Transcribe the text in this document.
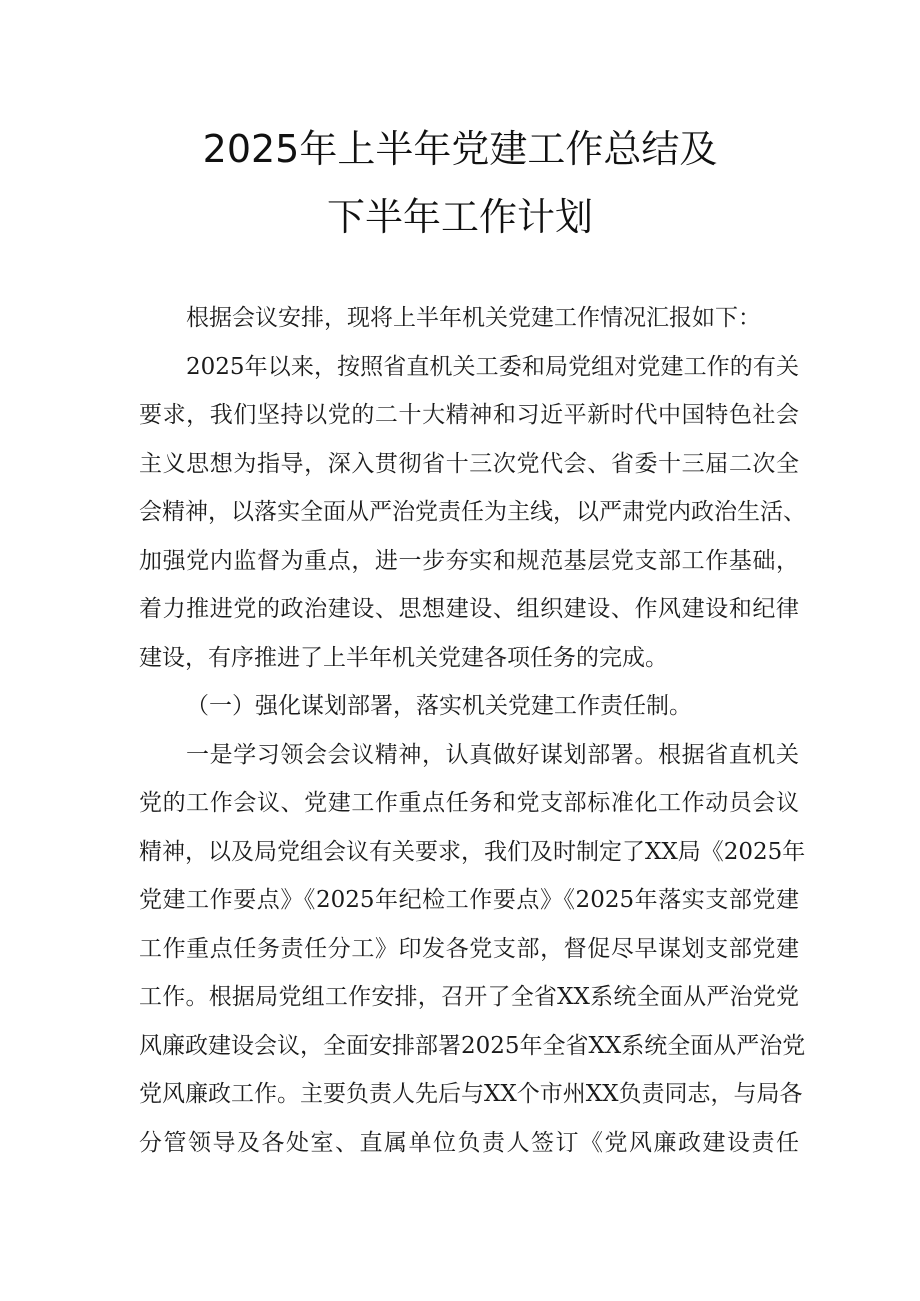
2025年上半年党建工作总结及
下半年工作计划
根据会议安排，现将上半年机关党建工作情况汇报如下：
2025年以来，按照省直机关工委和局党组对党建工作的有关
要求，我们坚持以党的二十大精神和习近平新时代中国特色社会
主义思想为指导，深入贯彻省十三次党代会、省委十三届二次全
会精神，以落实全面从严治党责任为主线，以严肃党内政治生活、
加强党内监督为重点，进一步夯实和规范基层党支部工作基础，
着力推进党的政治建设、思想建设、组织建设、作风建设和纪律
建设，有序推进了上半年机关党建各项任务的完成。
（一）强化谋划部署，落实机关党建工作责任制。
一是学习领会会议精神，认真做好谋划部署。根据省直机关
党的工作会议、党建工作重点任务和党支部标准化工作动员会议
精神，以及局党组会议有关要求，我们及时制定了XX局《2025年
党建工作要点》《2025年纪检工作要点》《2025年落实支部党建
工作重点任务责任分工》印发各党支部，督促尽早谋划支部党建
工作。根据局党组工作安排，召开了全省XX系统全面从严治党党
风廉政建设会议，全面安排部署2025年全省XX系统全面从严治党
党风廉政工作。主要负责人先后与XX个市州XX负责同志，与局各
分管领导及各处室、直属单位负责人签订《党风廉政建设责任
